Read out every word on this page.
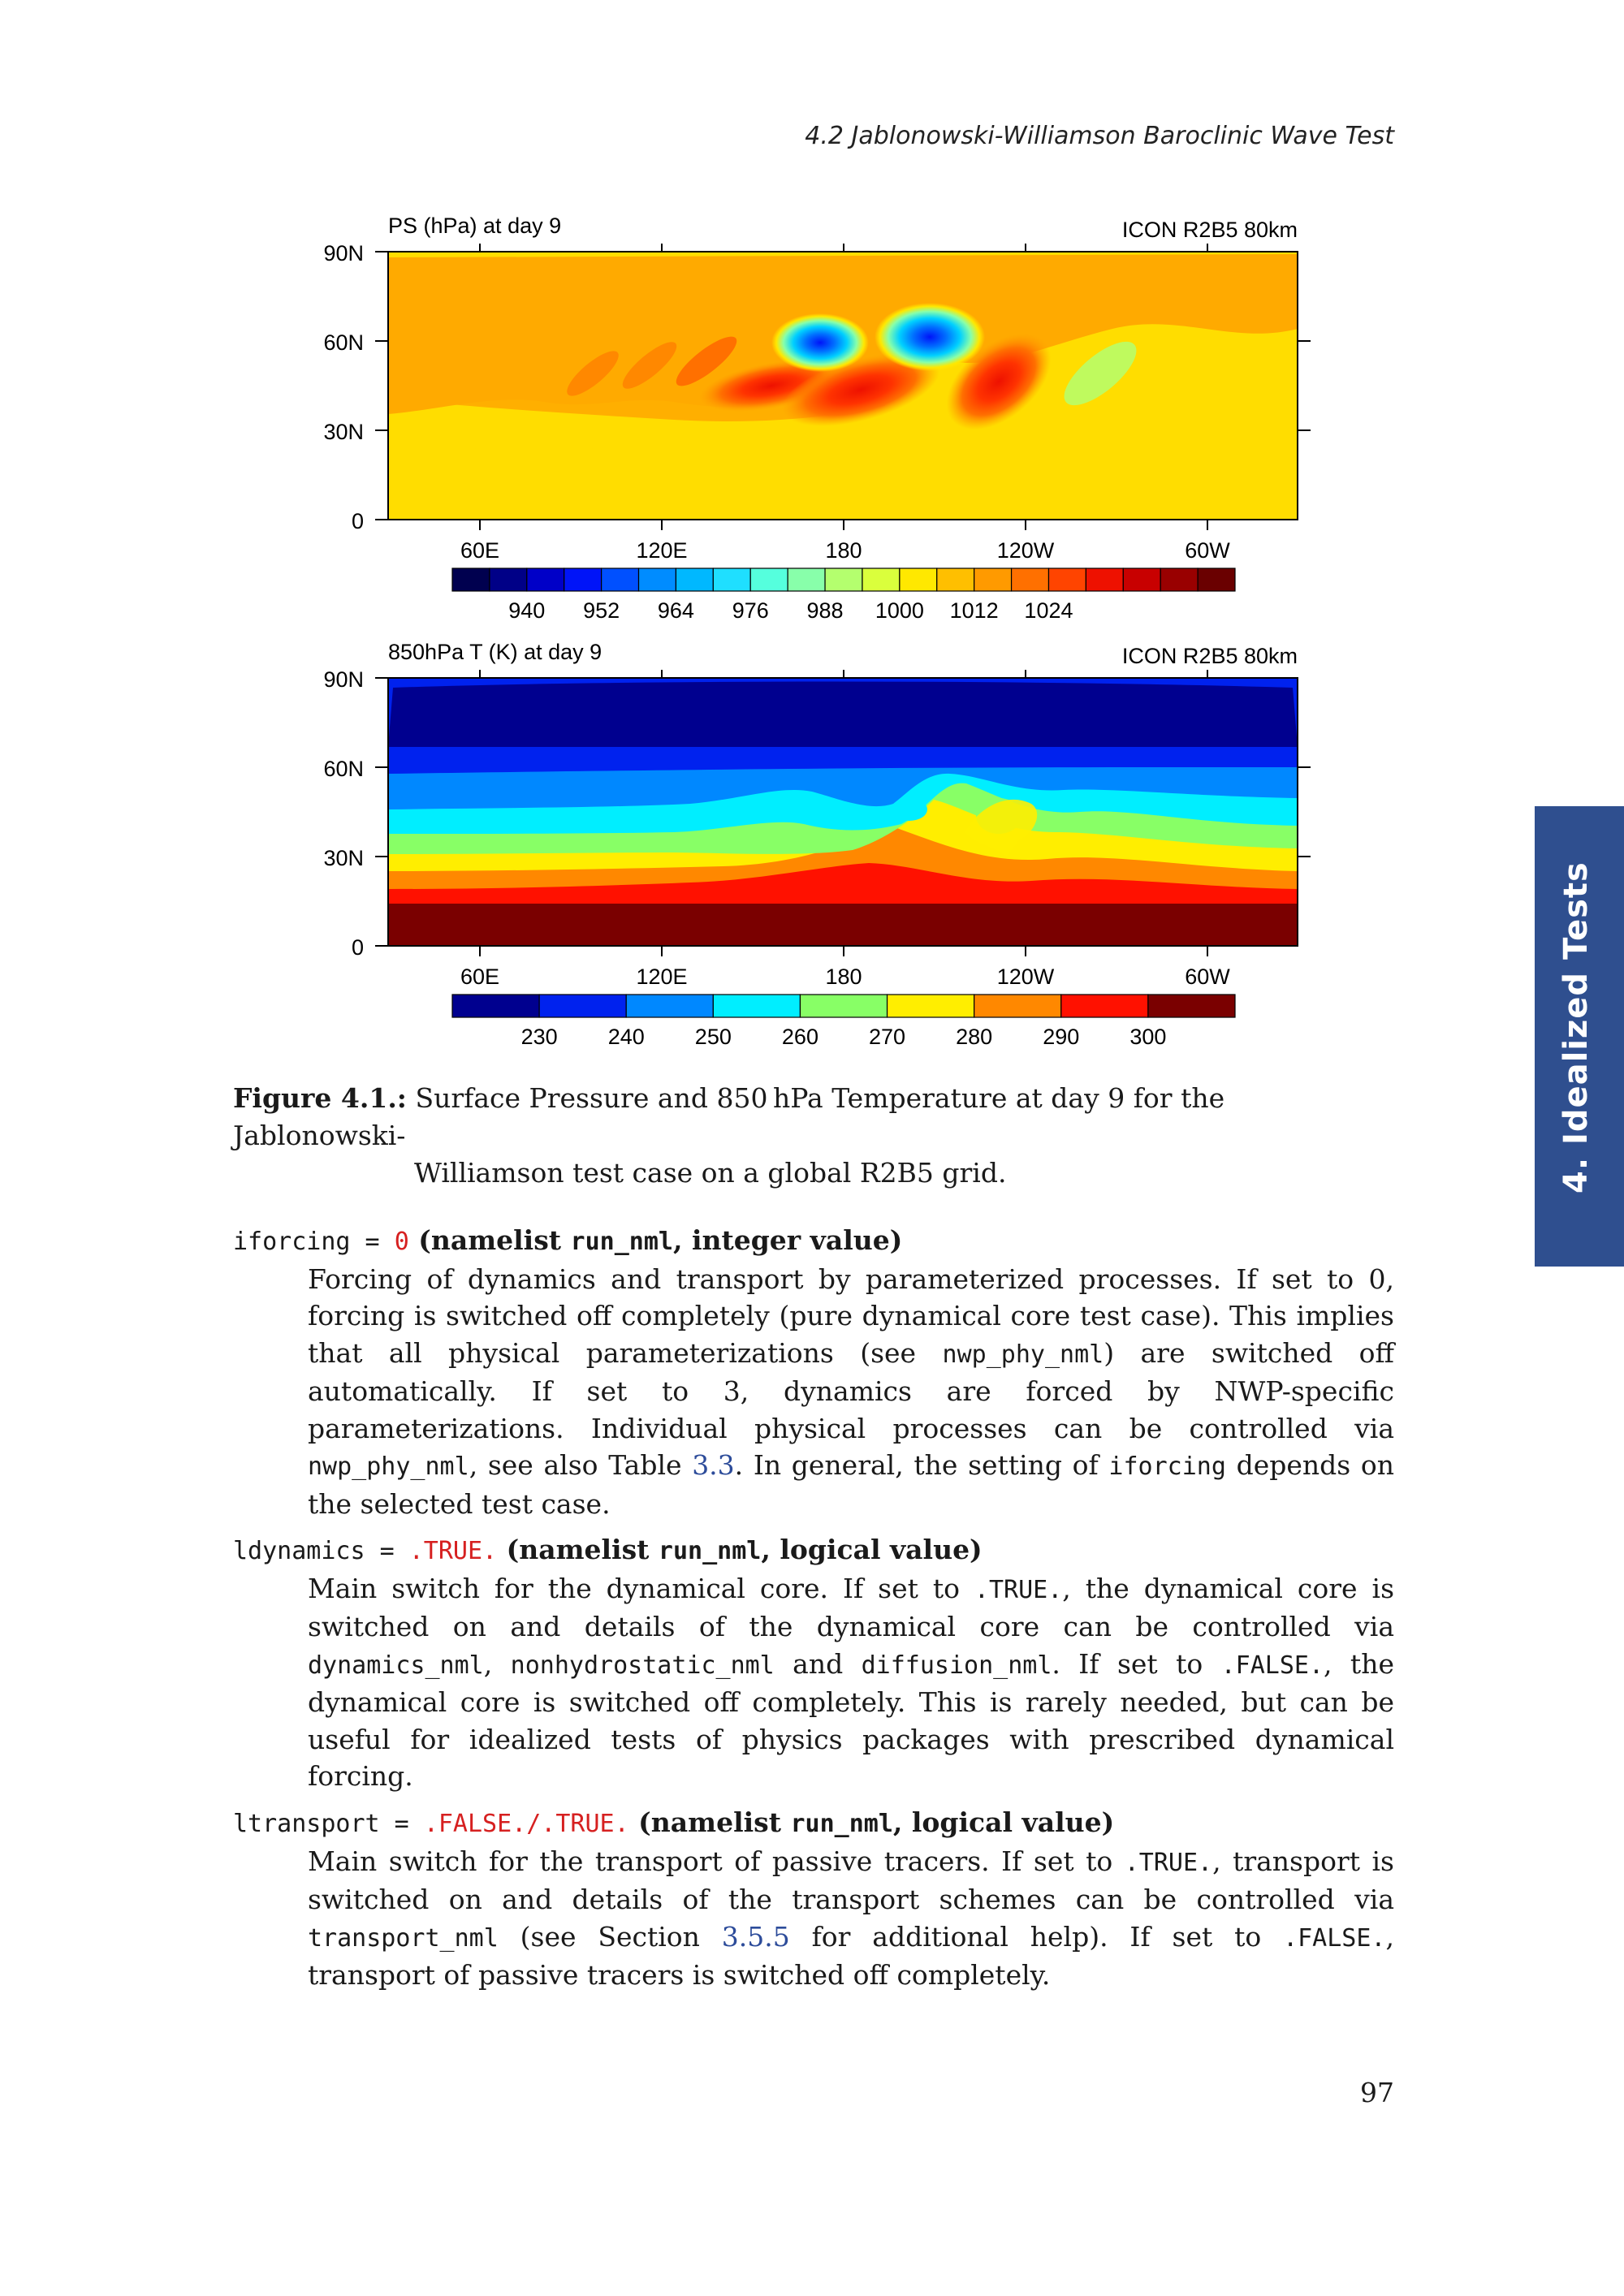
4.2 Jablonowski-Williamson Baroclinic Wave Test
4. Idealized Tests
PS (hPa) at day 9	ICON R2B5 80km
90N
60N
30N
0
60E	120E	180	120W	60W
940 952 964 976 988 1000 1012 1024
850hPa T (K) at day 9	ICON R2B5 80km
90N
60N
30N
0
60E	120E	180	120W	60W
230 240 250 260 270 280 290 300
Figure 4.1.: Surface Pressure and 850 hPa Temperature at day 9 for the Jablonowski-
Williamson test case on a global R2B5 grid.
iforcing = 0 (namelist run_nml, integer value)
Forcing of dynamics and transport by parameterized processes. If set to 0, forcing is switched off completely (pure dynamical core test case). This implies that all physical parameterizations (see nwp_phy_nml) are switched off automatically. If set to 3, dynamics are forced by NWP-specific parameterizations. Individual physical processes can be controlled via nwp_phy_nml, see also Table 3.3. In general, the setting of iforcing depends on the selected test case.
ldynamics = .TRUE. (namelist run_nml, logical value)
Main switch for the dynamical core. If set to .TRUE., the dynamical core is switched on and details of the dynamical core can be controlled via dynamics_nml, nonhydrostatic_nml and diffusion_nml. If set to .FALSE., the dynamical core is switched off completely. This is rarely needed, but can be useful for idealized tests of physics packages with prescribed dynamical forcing.
ltransport = .FALSE./.TRUE. (namelist run_nml, logical value)
Main switch for the transport of passive tracers. If set to .TRUE., transport is switched on and details of the transport schemes can be controlled via transport_nml (see Section 3.5.5 for additional help). If set to .FALSE., transport of passive tracers is switched off completely.
97
